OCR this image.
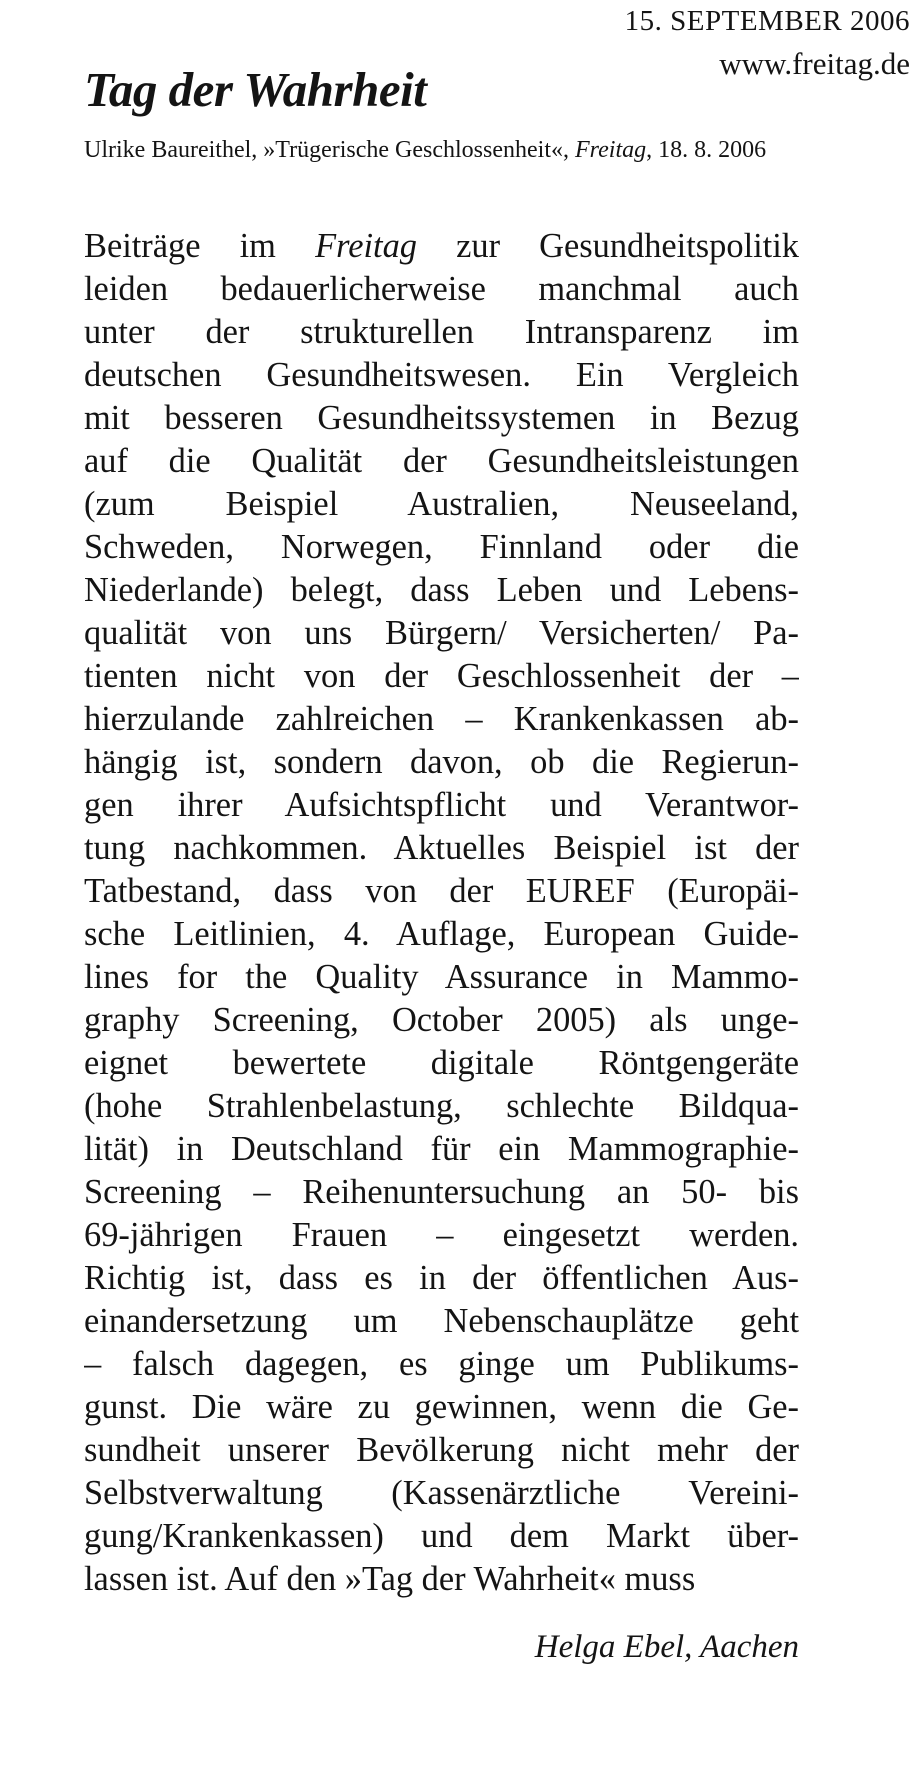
15. SEPTEMBER 2006
www.freitag.de
Tag der Wahrheit
Ulrike Baureithel, »Trügerische Geschlossenheit«, Freitag, 18. 8. 2006
Beiträge im Freitag zur Gesundheitspolitik
leiden bedauerlicherweise manchmal auch
unter der strukturellen Intransparenz im
deutschen Gesundheitswesen. Ein Vergleich
mit besseren Gesundheitssystemen in Bezug
auf die Qualität der Gesundheitsleistungen
(zum Beispiel Australien, Neuseeland,
Schweden, Norwegen, Finnland oder die
Niederlande) belegt, dass Leben und Lebens-
qualität von uns Bürgern/ Versicherten/ Pa-
tienten nicht von der Geschlossenheit der –
hierzulande zahlreichen – Krankenkassen ab-
hängig ist, sondern davon, ob die Regierun-
gen ihrer Aufsichtspflicht und Verantwor-
tung nachkommen. Aktuelles Beispiel ist der
Tatbestand, dass von der EUREF (Europäi-
sche Leitlinien, 4. Auflage, European Guide-
lines for the Quality Assurance in Mammo-
graphy Screening, October 2005) als unge-
eignet bewertete digitale Röntgengeräte
(hohe Strahlenbelastung, schlechte Bildqua-
lität) in Deutschland für ein Mammographie-
Screening – Reihenuntersuchung an 50- bis
69-jährigen Frauen – eingesetzt werden.
Richtig ist, dass es in der öffentlichen Aus-
einandersetzung um Nebenschauplätze geht
– falsch dagegen, es ginge um Publikums-
gunst. Die wäre zu gewinnen, wenn die Ge-
sundheit unserer Bevölkerung nicht mehr der
Selbstverwaltung (Kassenärztliche Vereini-
gung/Krankenkassen) und dem Markt über-
lassen ist. Auf den »Tag der Wahrheit« muss
Helga Ebel, Aachen
